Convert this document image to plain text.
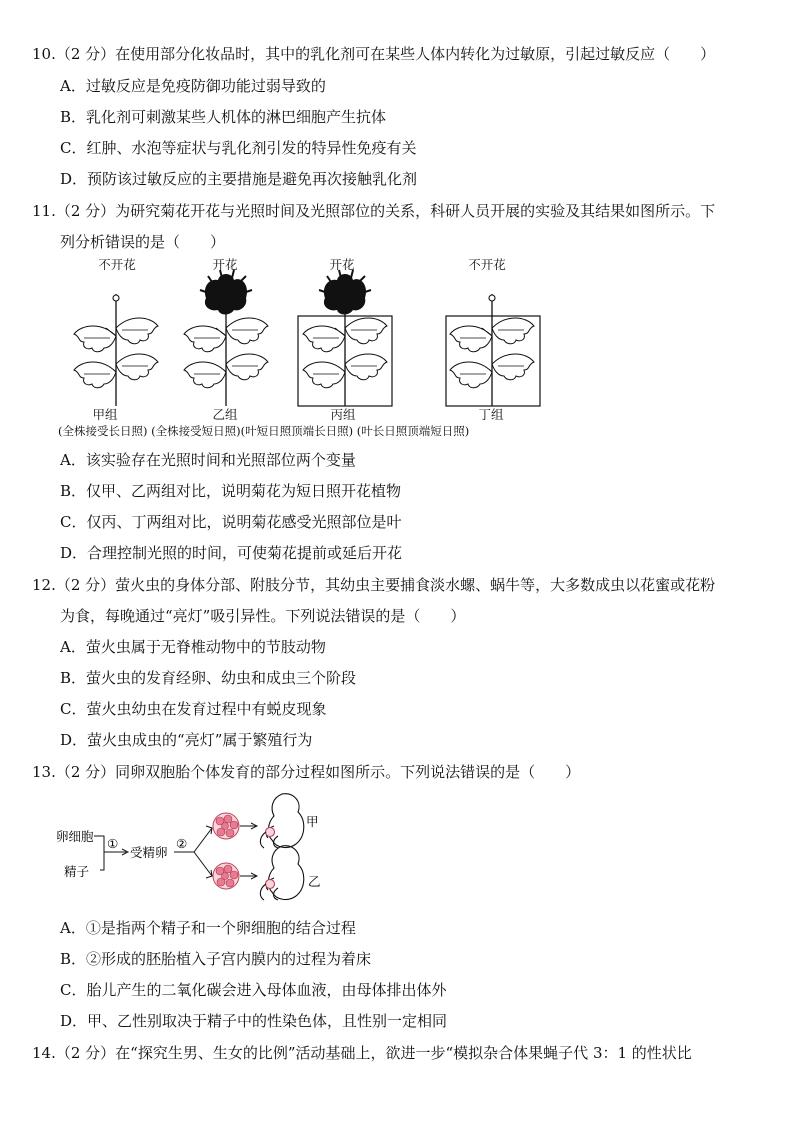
10.（2 分）在使用部分化妆品时，其中的乳化剂可在某些人体内转化为过敏原，引起过敏反应（　　）
A．过敏反应是免疫防御功能过弱导致的
B．乳化剂可刺激某些人机体的淋巴细胞产生抗体
C．红肿、水泡等症状与乳化剂引发的特异性免疫有关
D．预防该过敏反应的主要措施是避免再次接触乳化剂
11.（2 分）为研究菊花开花与光照时间及光照部位的关系，科研人员开展的实验及其结果如图所示。下
列分析错误的是（　　）
不开花	开花	开花	不开花
甲组	乙组	丙组	丁组
(全株接受长日照) (全株接受短日照)(叶短日照顶端长日照) (叶长日照顶端短日照)
A．该实验存在光照时间和光照部位两个变量
B．仅甲、乙两组对比，说明菊花为短日照开花植物
C．仅丙、丁两组对比，说明菊花感受光照部位是叶
D．合理控制光照的时间，可使菊花提前或延后开花
12.（2 分）萤火虫的身体分部、附肢分节，其幼虫主要捕食淡水螺、蜗牛等，大多数成虫以花蜜或花粉
为食，每晚通过“亮灯”吸引异性。下列说法错误的是（　　）
A．萤火虫属于无脊椎动物中的节肢动物
B．萤火虫的发育经卵、幼虫和成虫三个阶段
C．萤火虫幼虫在发育过程中有蜕皮现象
D．萤火虫成虫的“亮灯”属于繁殖行为
13.（2 分）同卵双胞胎个体发育的部分过程如图所示。下列说法错误的是（　　）
卵细胞
精子
①
受精卵
②
甲
乙
A．①是指两个精子和一个卵细胞的结合过程
B．②形成的胚胎植入子宫内膜内的过程为着床
C．胎儿产生的二氧化碳会进入母体血液，由母体排出体外
D．甲、乙性别取决于精子中的性染色体，且性别一定相同
14.（2 分）在“探究生男、生女的比例”活动基础上，欲进一步“模拟杂合体果蝇子代 3：1 的性状比
